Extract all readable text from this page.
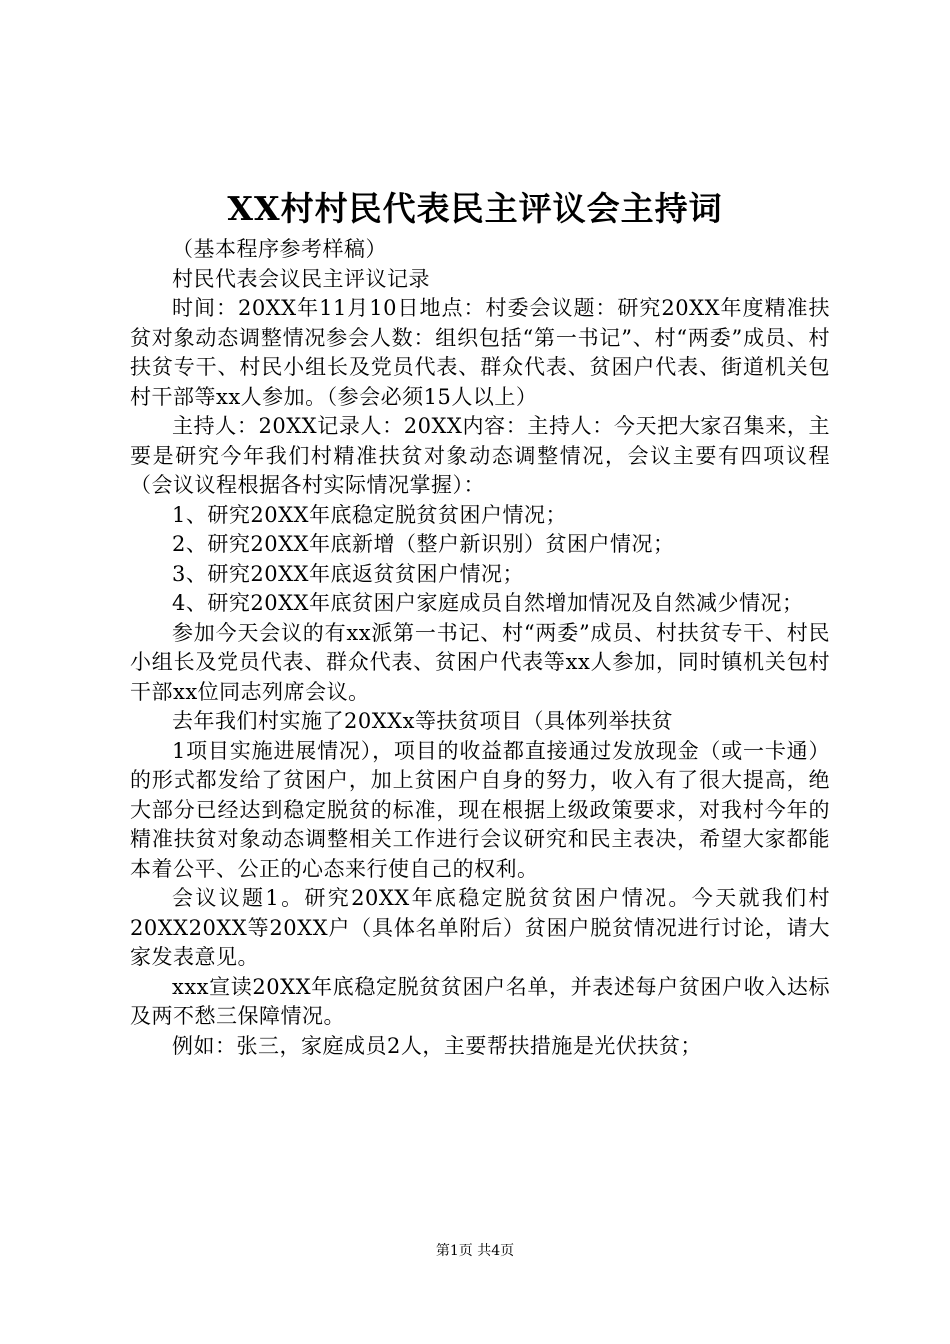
XX村村民代表民主评议会主持词

（基本程序参考样稿）

村民代表会议民主评议记录

时间：20XX年11月10日地点：村委会议题：研究20XX年度精准扶贫对象动态调整情况参会人数：组织包括“第一书记”、村“两委”成员、村扶贫专干、村民小组长及党员代表、群众代表、贫困户代表、街道机关包村干部等xx人参加。（参会必须15人以上）

主持人：20XX记录人：20XX内容：主持人：今天把大家召集来，主要是研究今年我们村精准扶贫对象动态调整情况，会议主要有四项议程（会议议程根据各村实际情况掌握）：

1、研究20XX年底稳定脱贫贫困户情况；

2、研究20XX年底新增（整户新识别）贫困户情况；

3、研究20XX年底返贫贫困户情况；

4、研究20XX年底贫困户家庭成员自然增加情况及自然减少情况；

参加今天会议的有xx派第一书记、村“两委”成员、村扶贫专干、村民小组长及党员代表、群众代表、贫困户代表等xx人参加，同时镇机关包村干部xx位同志列席会议。

去年我们村实施了20XXx等扶贫项目（具体列举扶贫

1项目实施进展情况），项目的收益都直接通过发放现金（或一卡通）的形式都发给了贫困户，加上贫困户自身的努力，收入有了很大提高，绝大部分已经达到稳定脱贫的标准，现在根据上级政策要求，对我村今年的精准扶贫对象动态调整相关工作进行会议研究和民主表决，希望大家都能本着公平、公正的心态来行使自己的权利。

会议议题1。研究20XX年底稳定脱贫贫困户情况。今天就我们村20XX20XX等20XX户（具体名单附后）贫困户脱贫情况进行讨论，请大家发表意见。

xxx宣读20XX年底稳定脱贫贫困户名单，并表述每户贫困户收入达标及两不愁三保障情况。

例如：张三，家庭成员2人，主要帮扶措施是光伏扶贫；

第1页 共4页
